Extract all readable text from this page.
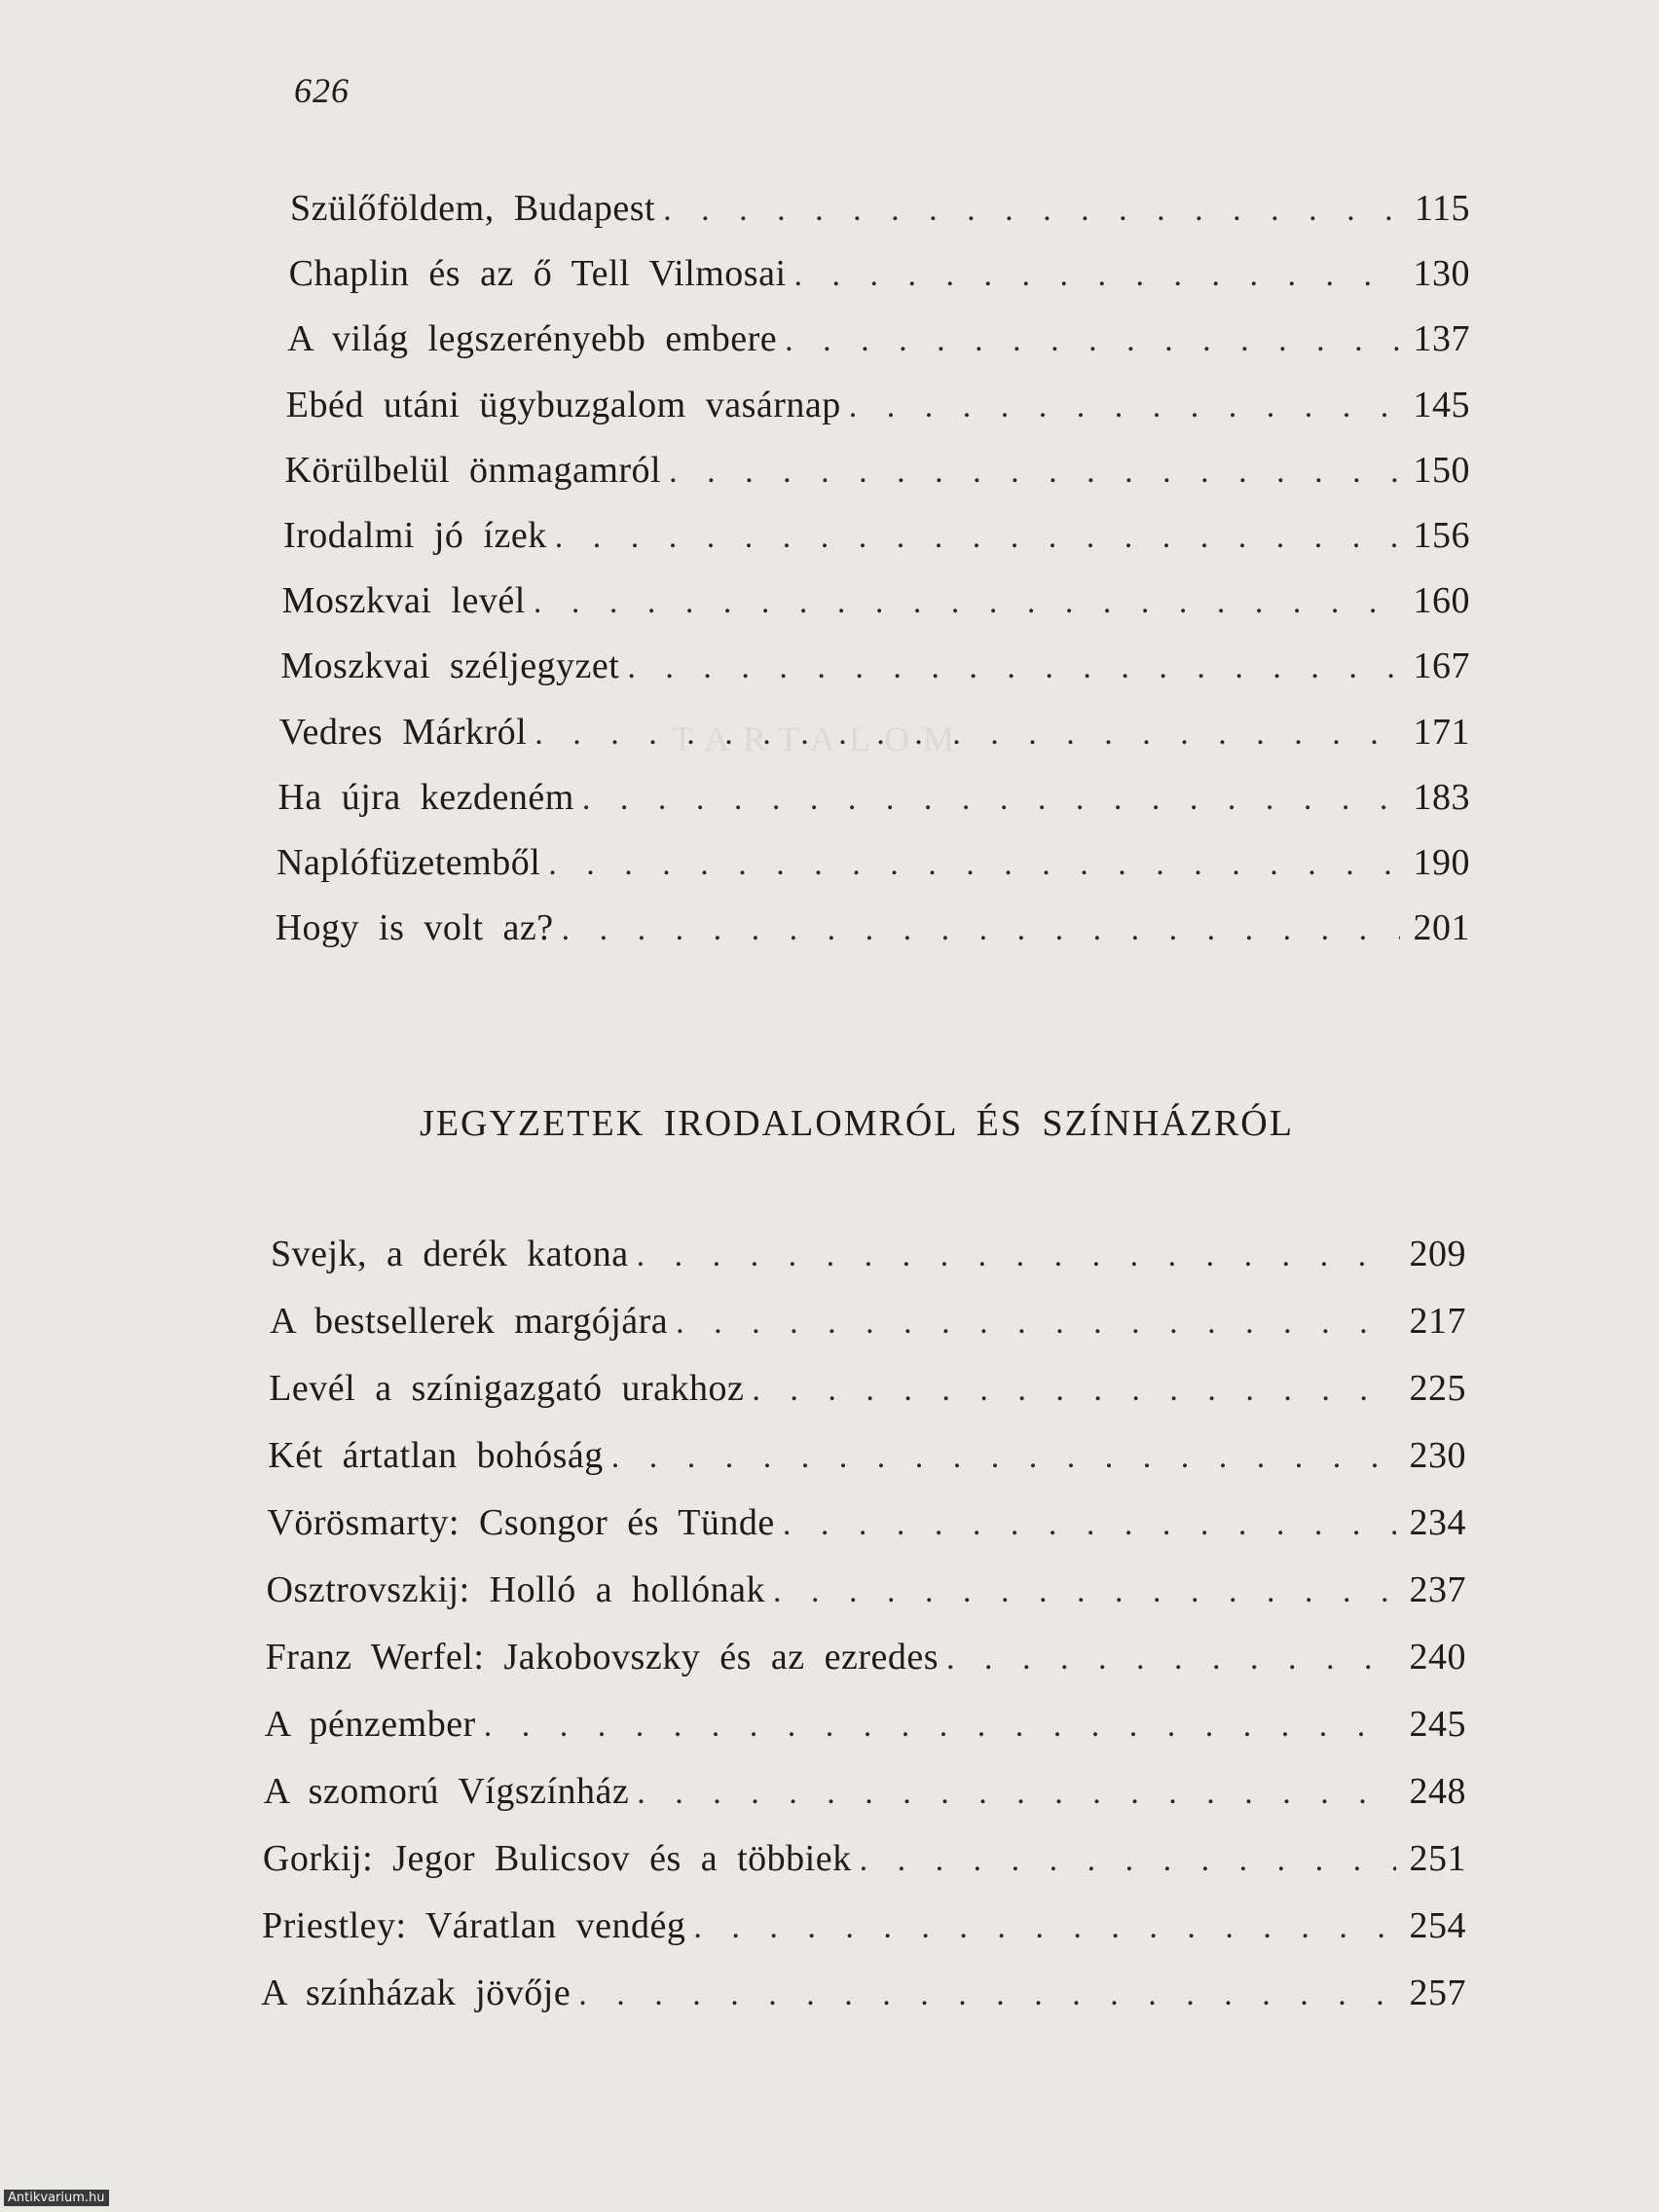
TARTALOM
626
Szülőföldem, Budapest . . .	115
Chaplin és az ő Tell Vilmosai . . .	130
A világ legszerényebb embere . . .	137
Ebéd utáni ügybuzgalom vasárnap . . .	145
Körülbelül önmagamról . . .	150
Irodalmi jó ízek . . .	156
Moszkvai levél . . .	160
Moszkvai széljegyzet . . .	167
Vedres Márkról . . .	171
Ha újra kezdeném . . .	183
Naplófüzetemből . . .	190
Hogy is volt az? . . .	201
JEGYZETEK IRODALOMRÓL ÉS SZÍNHÁZRÓL
Svejk, a derék katona . . .	209
A bestsellerek margójára . . .	217
Levél a színigazgató urakhoz . . .	225
Két ártatlan bohóság . . .	230
Vörösmarty: Csongor és Tünde . . .	234
Osztrovszkij: Holló a hollónak . . .	237
Franz Werfel: Jakobovszky és az ezredes . . .	240
A pénzember . . .	245
A szomorú Vígszínház . . .	248
Gorkij: Jegor Bulicsov és a többiek . . .	251
Priestley: Váratlan vendég . . .	254
A színházak jövője . . .	257
Antikvarium.hu
